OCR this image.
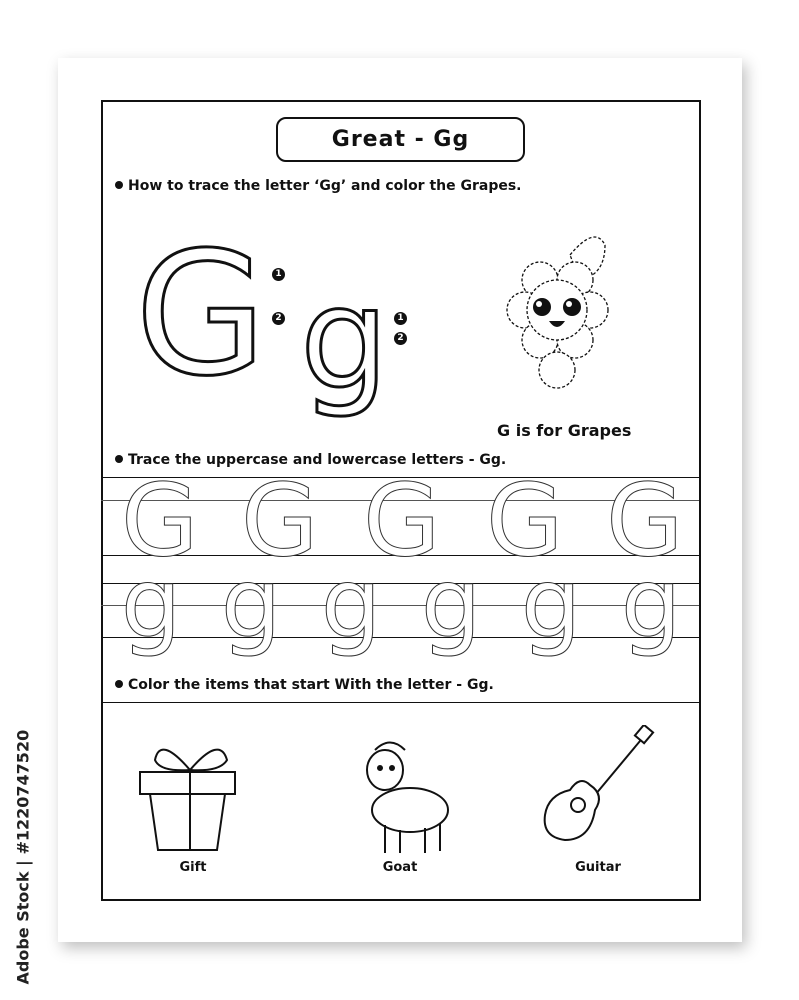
Great - Gg
How to trace the letter ‘Gg’ and color the Grapes.
G g
1
2	1
2
G is for Grapes
Trace the uppercase and lowercase letters - Gg.
G G G G G
g g g g g g
Color the items that start With the letter - Gg.
Gift	Goat	Guitar
Adobe Stock | #1220747520
